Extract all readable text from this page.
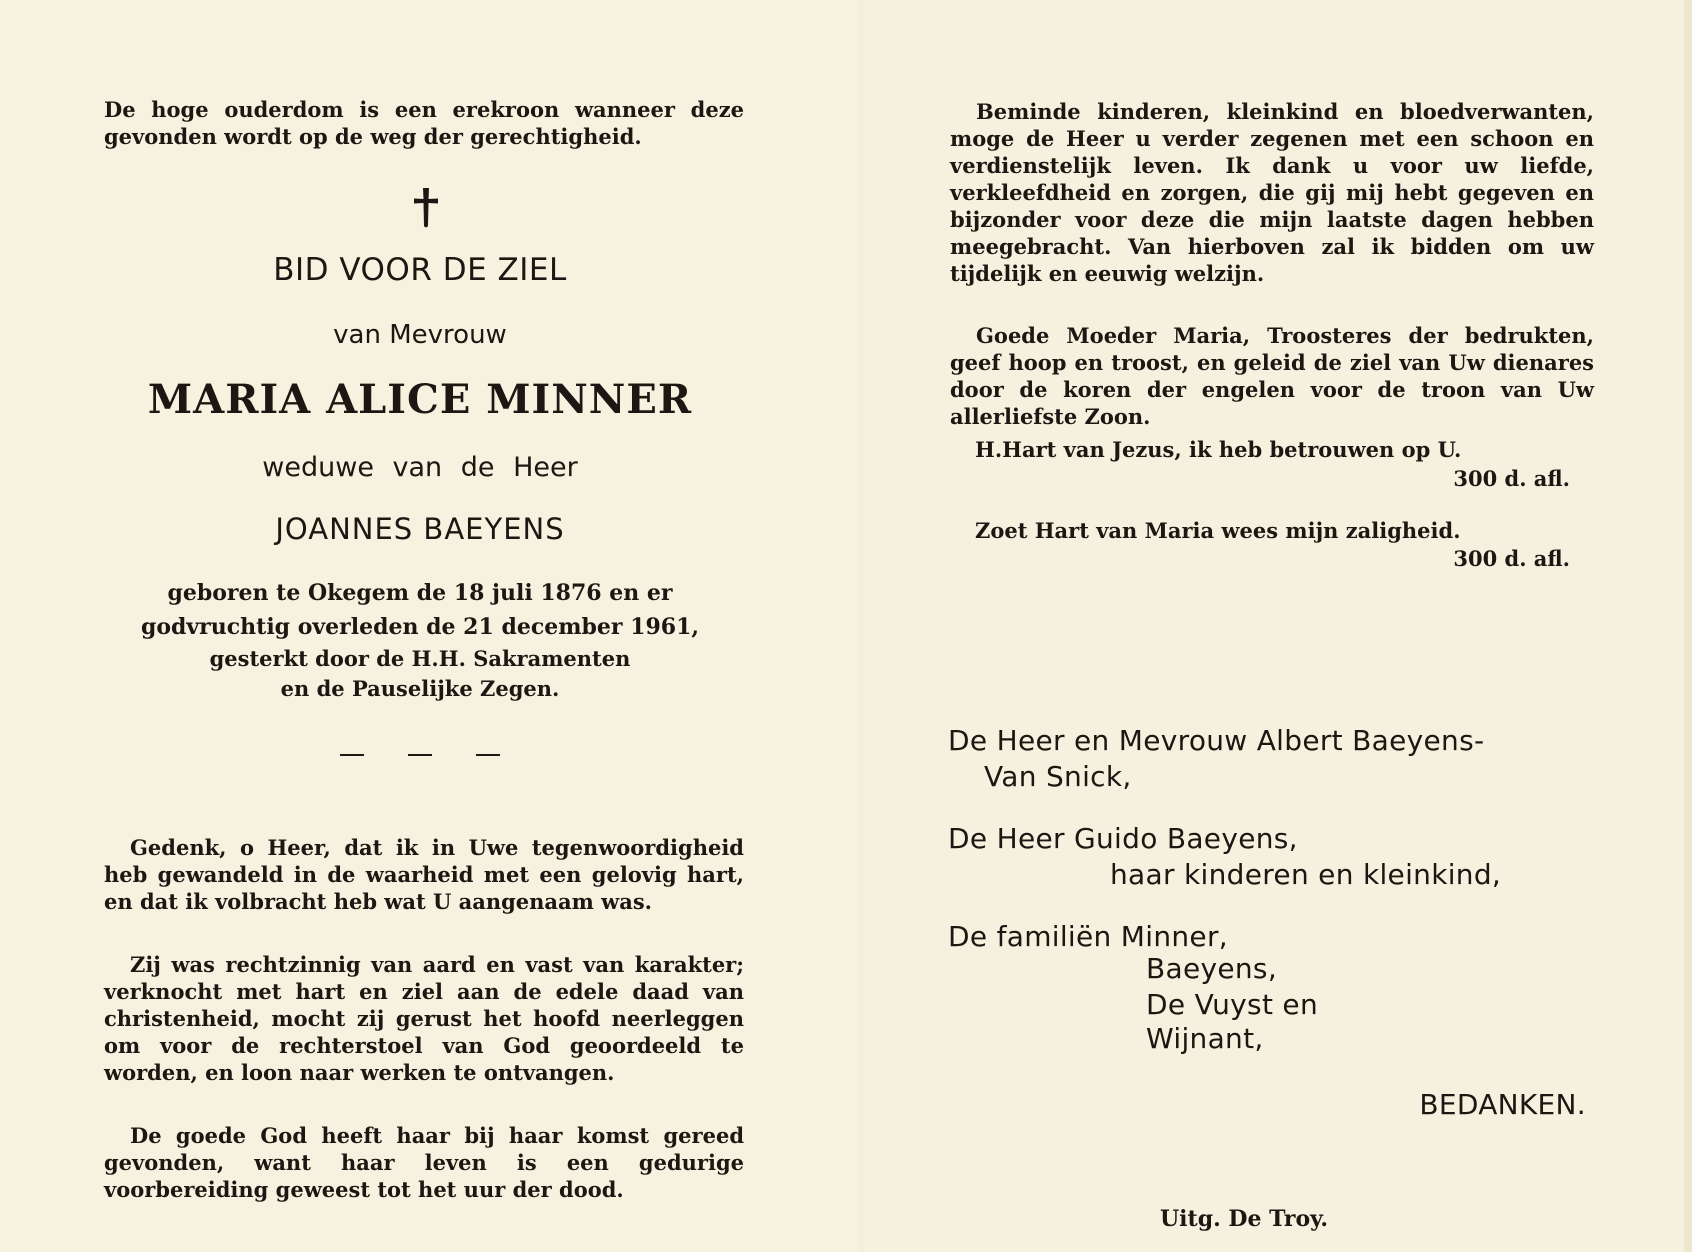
De hoge ouderdom is een erekroon wanneer deze gevonden wordt op de weg der gerechtigheid.

BID VOOR DE ZIEL

van Mevrouw

MARIA ALICE MINNER

weduwe van de Heer

JOANNES BAEYENS

geboren te Okegem de 18 juli 1876 en er
godvruchtig overleden de 21 december 1961,
gesterkt door de H.H. Sakramenten
en de Pauselijke Zegen.

Gedenk, o Heer, dat ik in Uwe tegenwoordigheid heb gewandeld in de waarheid met een gelovig hart, en dat ik volbracht heb wat U aangenaam was.

Zij was rechtzinnig van aard en vast van karakter; verknocht met hart en ziel aan de edele daad van christenheid, mocht zij gerust het hoofd neerleggen om voor de rechterstoel van God geoordeeld te worden, en loon naar werken te ontvangen.

De goede God heeft haar bij haar komst gereed gevonden, want haar leven is een gedurige voorbereiding geweest tot het uur der dood.

Beminde kinderen, kleinkind en bloedverwanten, moge de Heer u verder zegenen met een schoon en verdienstelijk leven. Ik dank u voor uw liefde, verkleefdheid en zorgen, die gij mij hebt gegeven en bijzonder voor deze die mijn laatste dagen hebben meegebracht. Van hierboven zal ik bidden om uw tijdelijk en eeuwig welzijn.

Goede Moeder Maria, Troosteres der bedrukten, geef hoop en troost, en geleid de ziel van Uw dienares door de koren der engelen voor de troon van Uw allerliefste Zoon.

H.Hart van Jezus, ik heb betrouwen op U.

300 d. afl.

Zoet Hart van Maria wees mijn zaligheid.

300 d. afl.

De Heer en Mevrouw Albert Baeyens-

Van Snick,

De Heer Guido Baeyens,

haar kinderen en kleinkind,

De familiën Minner,

Baeyens,

De Vuyst en

Wijnant,

BEDANKEN.

Uitg. De Troy.
